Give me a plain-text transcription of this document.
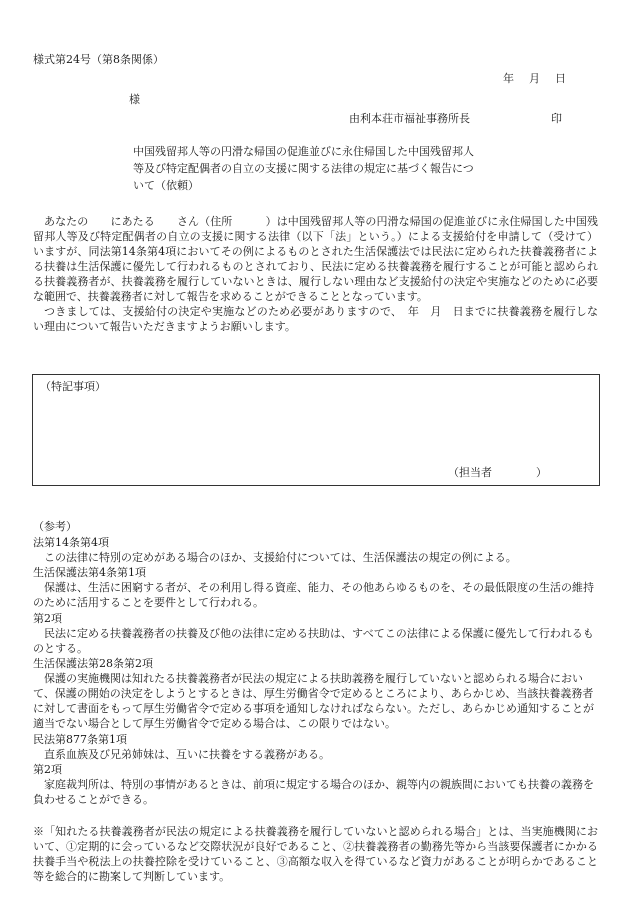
様式第24号（第8条関係）
年　月　日
様
由利本荘市福祉事務所長	印
中国残留邦人等の円滑な帰国の促進並びに永住帰国した中国残留邦人
等及び特定配偶者の自立の支援に関する法律の規定に基づく報告につ
いて（依頼）

あなたの　　にあたる　　さん（住所　　　）は中国残留邦人等の円滑な帰国の促進並びに永住帰国した中国残留邦人等及び特定配偶者の自立の支援に関する法律（以下「法」という。）による支援給付を申請して（受けて）いますが、同法第14条第4項においてその例によるものとされた生活保護法では民法に定められた扶養義務者による扶養は生活保護に優先して行われるものとされており、民法に定める扶養義務を履行することが可能と認められる扶養義務者が、扶養義務を履行していないときは、履行しない理由など支援給付の決定や実施などのために必要な範囲で、扶養義務者に対して報告を求めることができることとなっています。

つきましては、支援給付の決定や実施などのため必要がありますので、　年　月　日までに扶養義務を履行しない理由について報告いただきますようお願いします。

（特記事項）
（担当者　　　　）
（参考）
法第14条第4項

この法律に特別の定めがある場合のほか、支援給付については、生活保護法の規定の例による。

生活保護法第4条第1項

保護は、生活に困窮する者が、その利用し得る資産、能力、その他あらゆるものを、その最低限度の生活の維持のために活用することを要件として行われる。

第2項

民法に定める扶養義務者の扶養及び他の法律に定める扶助は、すべてこの法律による保護に優先して行われるものとする。

生活保護法第28条第2項

保護の実施機関は知れたる扶養義務者が民法の規定による扶助義務を履行していないと認められる場合において、保護の開始の決定をしようとするときは、厚生労働省令で定めるところにより、あらかじめ、当該扶養義務者に対して書面をもって厚生労働省令で定める事項を通知しなければならない。ただし、あらかじめ通知することが適当でない場合として厚生労働省令で定める場合は、この限りではない。

民法第877条第1項

直系血族及び兄弟姉妹は、互いに扶養をする義務がある。

第2項

家庭裁判所は、特別の事情があるときは、前項に規定する場合のほか、親等内の親族間においても扶養の義務を負わせることができる。

※「知れたる扶養義務者が民法の規定による扶養義務を履行していないと認められる場合」とは、当実施機関において、①定期的に会っているなど交際状況が良好であること、②扶養義務者の勤務先等から当該要保護者にかかる扶養手当や税法上の扶養控除を受けていること、③高額な収入を得ているなど資力があることが明らかであること等を総合的に勘案して判断しています。
